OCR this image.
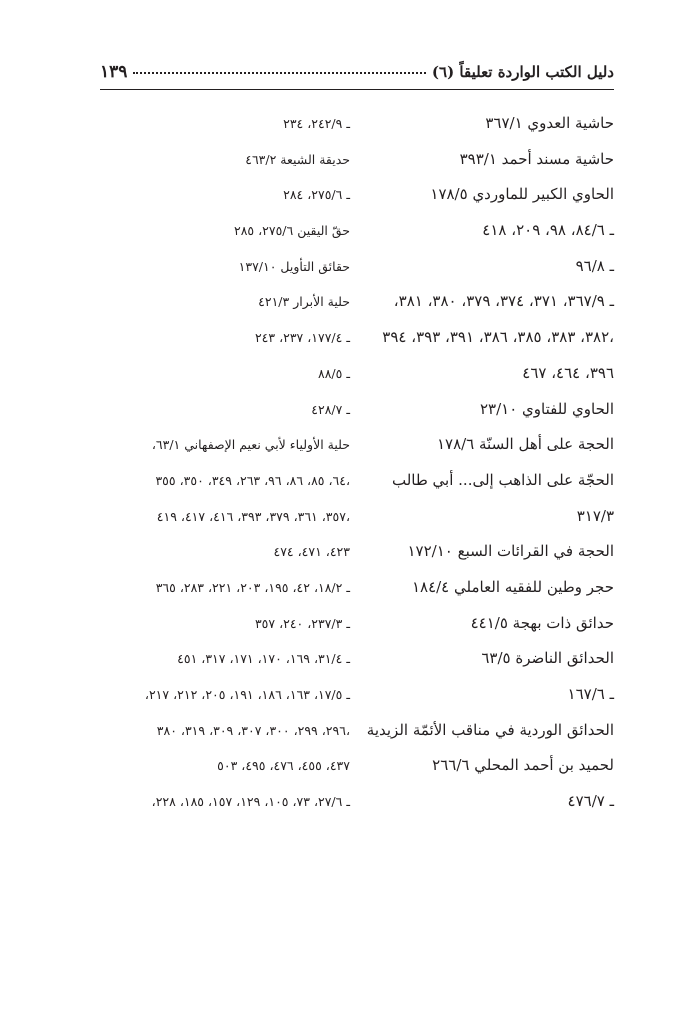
دليل الكتب الواردة تعليقاً (٦)
١٣٩
حاشية العدوي ٣٦٧/١
حاشية مسند أحمد ٣٩٣/١
الحاوي الكبير للماوردي ١٧٨/٥
ـ ٨٤/٦، ٩٨، ٢٠٩، ٤١٨
ـ ٩٦/٨
ـ ٣٦٧/٩، ٣٧١، ٣٧٤، ٣٧٩، ٣٨٠، ٣٨١،
٣٨٢، ٣٨٣، ٣٨٥، ٣٨٦، ٣٩١، ٣٩٣، ٣٩٤،
٣٩٦، ٤٦٤، ٤٦٧
الحاوي للفتاوي ٢٣/١٠
الحجة على أهل السنّة ١٧٨/٦
الحجّة على الذاهب إلى... أبي طالب
٣١٧/٣
الحجة في القرائات السبع ١٧٢/١٠
حجر وطين للفقيه العاملي ١٨٤/٤
حدائق ذات بهجة ٤٤١/٥
الحدائق الناضرة ٦٣/٥
ـ ١٦٧/٦
الحدائق الوردية في مناقب الأئمّة الزيدية
لحميد بن أحمد المحلي ٢٦٦/٦
ـ ٤٧٦/٧
ـ ٢٤٢/٩، ٢٣٤
حديقة الشيعة ٤٦٣/٢
ـ ٢٧٥/٦، ٢٨٤
حقّ اليقين ٢٧٥/٦، ٢٨٥
حقائق التأويل ١٣٧/١٠
حلية الأبرار ٤٢١/٣
ـ ١٧٧/٤، ٢٣٧، ٢٤٣
ـ ٨٨/٥
ـ ٤٢٨/٧
حلية الأولياء لأبي نعيم الإصفهاني ٦٣/١،
٦٤، ٨٥، ٨٦، ٩٦، ٢٦٣، ٣٤٩، ٣٥٠، ٣٥٥،
٣٥٧، ٣٦١، ٣٧٩، ٣٩٣، ٤١٦، ٤١٧، ٤١٩،
٤٢٣، ٤٧١، ٤٧٤
ـ ١٨/٢، ٤٢، ١٩٥، ٢٠٣، ٢٢١، ٢٨٣، ٣٦٥
ـ ٢٣٧/٣، ٢٤٠، ٣٥٧
ـ ٣١/٤، ١٦٩، ١٧٠، ١٧١، ٣١٧، ٤٥١
ـ ١٧/٥، ١٦٣، ١٨٦، ١٩١، ٢٠٥، ٢١٢، ٢١٧،
٢٩٦، ٢٩٩، ٣٠٠، ٣٠٧، ٣٠٩، ٣١٩، ٣٨٠،
٤٣٧، ٤٥٥، ٤٧٦، ٤٩٥، ٥٠٣
ـ ٢٧/٦، ٧٣، ١٠٥، ١٢٩، ١٥٧، ١٨٥، ٢٢٨،
